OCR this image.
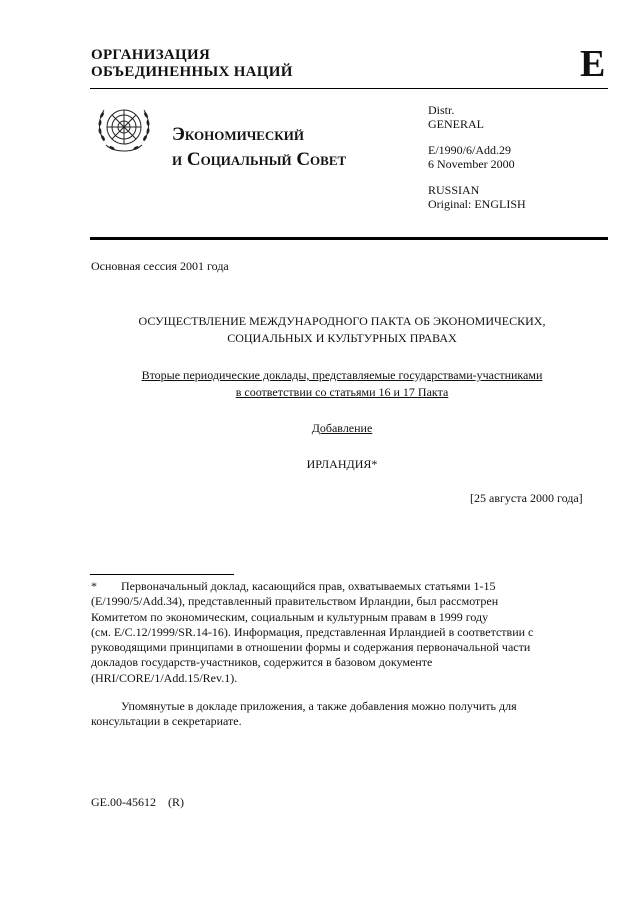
ОРГАНИЗАЦИЯ
ОБЪЕДИНЕННЫХ НАЦИЙ	E
Экономический
и Социальный Совет
Distr.
GENERAL
E/1990/6/Add.29
6 November 2000
RUSSIAN
Original: ENGLISH
Основная сессия 2001 года
ОСУЩЕСТВЛЕНИЕ МЕЖДУНАРОДНОГО ПАКТА ОБ ЭКОНОМИЧЕСКИХ,
СОЦИАЛЬНЫХ И КУЛЬТУРНЫХ ПРАВАХ
Вторые периодические доклады, представляемые государствами-участниками
в соответствии со статьями 16 и 17 Пакта
Добавление
ИРЛАНДИЯ*
[25 августа 2000 года]
*        Первоначальный доклад, касающийся прав, охватываемых статьями 1-15
(E/1990/5/Add.34), представленный правительством Ирландии, был рассмотрен
Комитетом по экономическим, социальным и культурным правам в 1999 году
(см. E/C.12/1999/SR.14-16). Информация, представленная Ирландией в соответствии с
руководящими принципами в отношении формы и содержания первоначальной части
докладов государств-участников, содержится в базовом документе
(HRI/CORE/1/Add.15/Rev.1).
Упомянутые в докладе приложения, а также добавления можно получить для
консультации в секретариате.
GE.00-45612    (R)
